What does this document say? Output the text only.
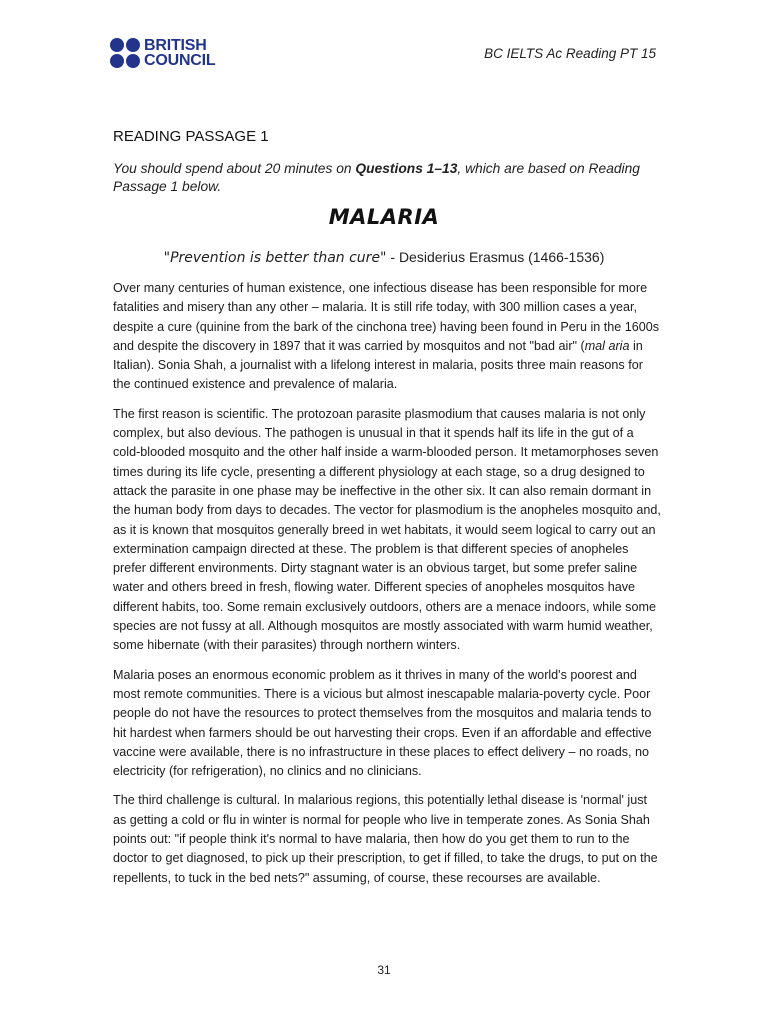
BRITISH
COUNCIL	BC IELTS Ac Reading PT 15
READING PASSAGE 1
You should spend about 20 minutes on Questions 1–13, which are based on Reading Passage 1 below.
MALARIA
"Prevention is better than cure" - Desiderius Erasmus (1466-1536)

Over many centuries of human existence, one infectious disease has been responsible for more fatalities and misery than any other – malaria. It is still rife today, with 300 million cases a year, despite a cure (quinine from the bark of the cinchona tree) having been found in Peru in the 1600s and despite the discovery in 1897 that it was carried by mosquitos and not "bad air" (mal aria in Italian). Sonia Shah, a journalist with a lifelong interest in malaria, posits three main reasons for the continued existence and prevalence of malaria.

The first reason is scientific. The protozoan parasite plasmodium that causes malaria is not only complex, but also devious. The pathogen is unusual in that it spends half its life in the gut of a cold-blooded mosquito and the other half inside a warm-blooded person. It metamorphoses seven times during its life cycle, presenting a different physiology at each stage, so a drug designed to attack the parasite in one phase may be ineffective in the other six. It can also remain dormant in the human body from days to decades. The vector for plasmodium is the anopheles mosquito and, as it is known that mosquitos generally breed in wet habitats, it would seem logical to carry out an extermination campaign directed at these. The problem is that different species of anopheles prefer different environments. Dirty stagnant water is an obvious target, but some prefer saline water and others breed in fresh, flowing water. Different species of anopheles mosquitos have different habits, too. Some remain exclusively outdoors, others are a menace indoors, while some species are not fussy at all. Although mosquitos are mostly associated with warm humid weather, some hibernate (with their parasites) through northern winters.

Malaria poses an enormous economic problem as it thrives in many of the world's poorest and most remote communities. There is a vicious but almost inescapable malaria-poverty cycle. Poor people do not have the resources to protect themselves from the mosquitos and malaria tends to hit hardest when farmers should be out harvesting their crops. Even if an affordable and effective vaccine were available, there is no infrastructure in these places to effect delivery – no roads, no electricity (for refrigeration), no clinics and no clinicians.

The third challenge is cultural. In malarious regions, this potentially lethal disease is 'normal' just as getting a cold or flu in winter is normal for people who live in temperate zones. As Sonia Shah points out: "if people think it's normal to have malaria, then how do you get them to run to the doctor to get diagnosed, to pick up their prescription, to get if filled, to take the drugs, to put on the repellents, to tuck in the bed nets?" assuming, of course, these recourses are available.

31
